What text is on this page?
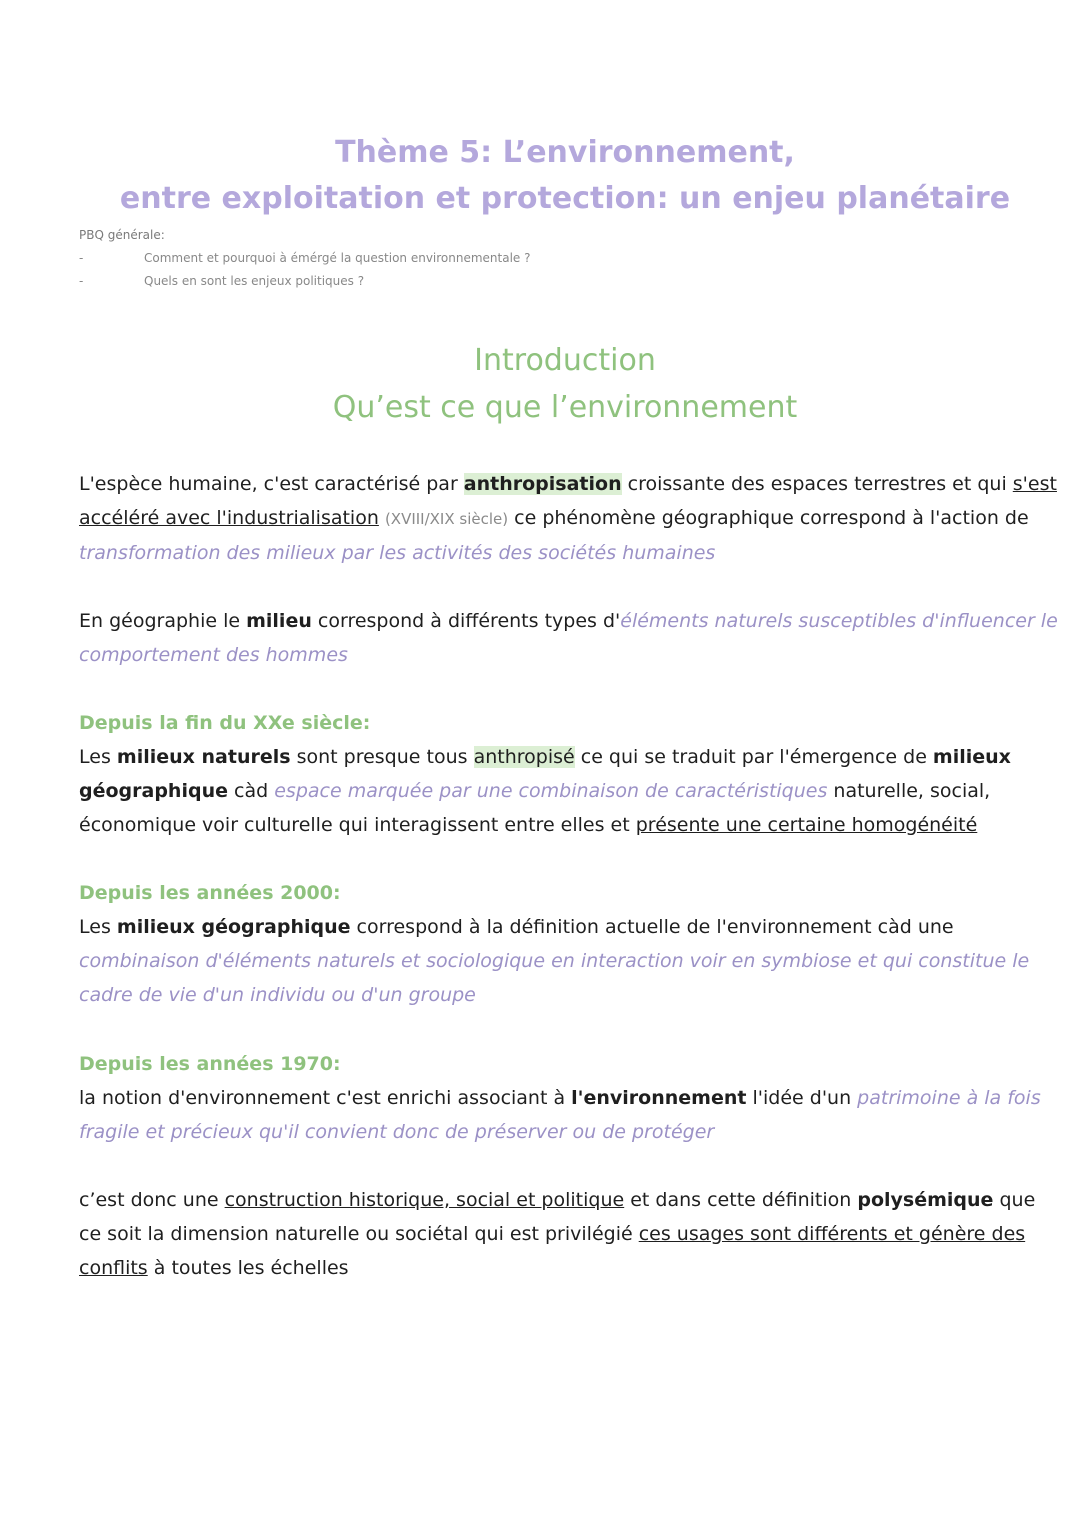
Thème 5: L’environnement,
entre exploitation et protection: un enjeu planétaire
PBQ générale:
-	Comment et pourquoi à émérgé la question environnementale ?
-	Quels en sont les enjeux politiques ?
Introduction
Qu’est ce que l’environnement
L'espèce humaine, c'est caractérisé par anthropisation croissante des espaces terrestres et qui s'est accéléré avec l'industrialisation (XVIII/XIX siècle) ce phénomène géographique correspond à l'action de transformation des milieux par les activités des sociétés humaines
En géographie le milieu correspond à différents types d'éléments naturels susceptibles d'influencer le comportement des hommes
Depuis la fin du XXe siècle:
Les milieux naturels sont presque tous anthropisé ce qui se traduit par l'émergence de milieux géographique càd espace marquée par une combinaison de caractéristiques naturelle, social, économique voir culturelle qui interagissent entre elles et présente une certaine homogénéité
Depuis les années 2000:
Les milieux géographique correspond à la définition actuelle de l'environnement càd une combinaison d'éléments naturels et sociologique en interaction voir en symbiose et qui constitue le cadre de vie d'un individu ou d'un groupe
Depuis les années 1970:
la notion d'environnement c'est enrichi associant à l'environnement l'idée d'un patrimoine à la fois fragile et précieux qu'il convient donc de préserver ou de protéger
c’est donc une construction historique, social et politique et dans cette définition polysémique que ce soit la dimension naturelle ou sociétal qui est privilégié ces usages sont différents et génère des conflits à toutes les échelles
